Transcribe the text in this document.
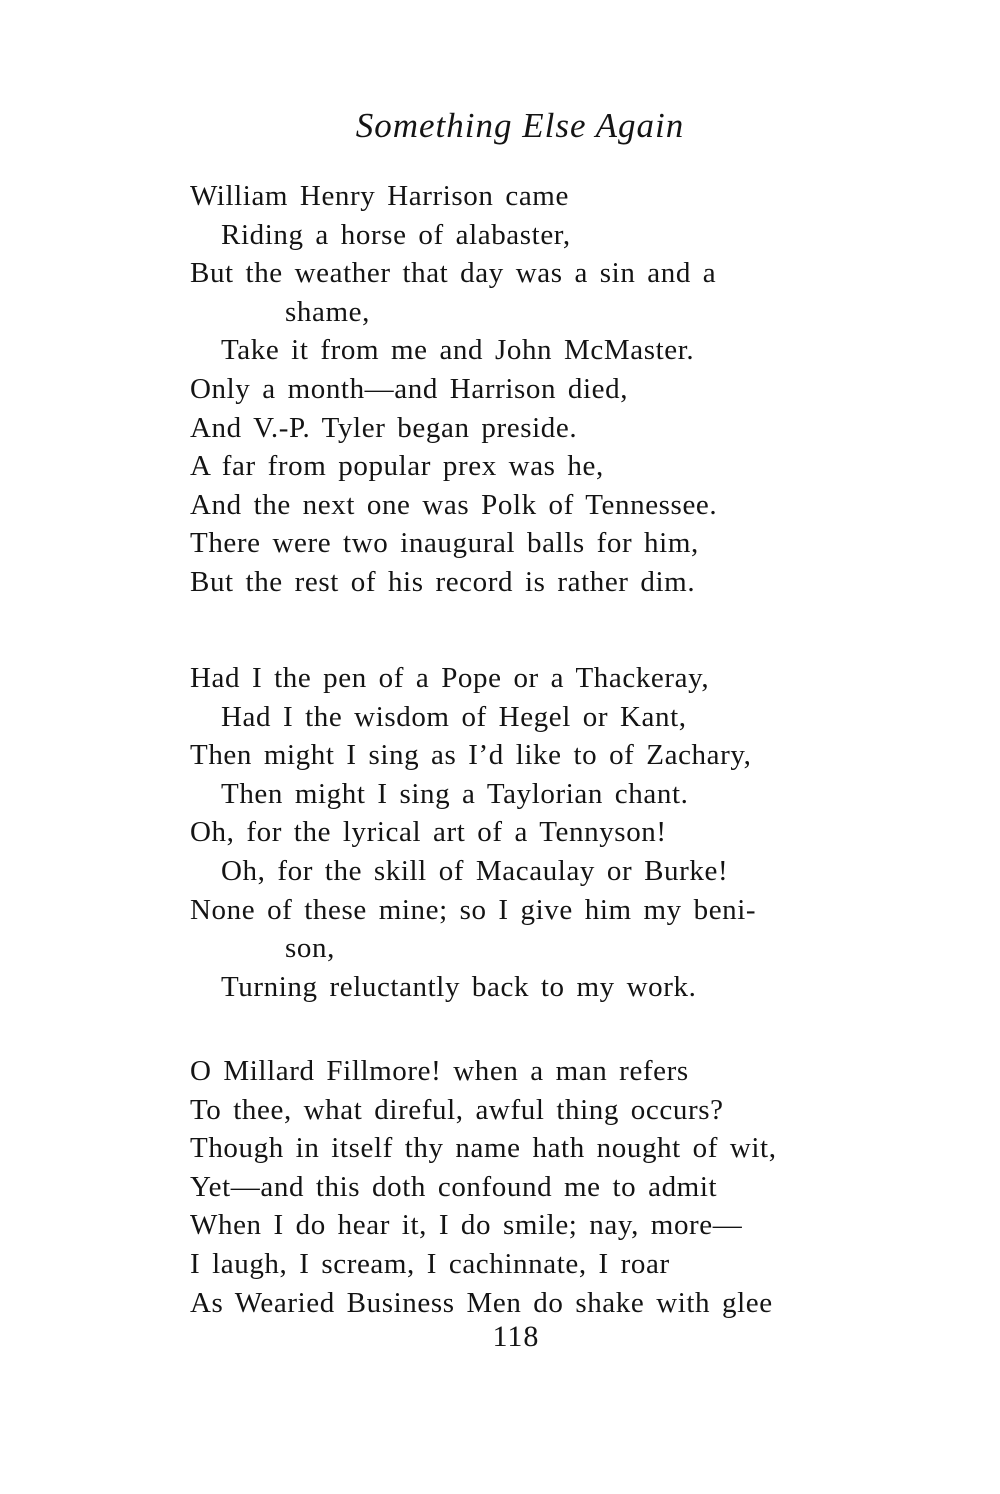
Something Else Again
William Henry Harrison came
Riding a horse of alabaster,
But the weather that day was a sin and a
shame,
Take it from me and John McMaster.
Only a month—and Harrison died,
And V.-P. Tyler began preside.
A far from popular prex was he,
And the next one was Polk of Tennessee.
There were two inaugural balls for him,
But the rest of his record is rather dim.
Had I the pen of a Pope or a Thackeray,
Had I the wisdom of Hegel or Kant,
Then might I sing as I’d like to of Zachary,
Then might I sing a Taylorian chant.
Oh, for the lyrical art of a Tennyson!
Oh, for the skill of Macaulay or Burke!
None of these mine; so I give him my beni-
son,
Turning reluctantly back to my work.
O Millard Fillmore! when a man refers
To thee, what direful, awful thing occurs?
Though in itself thy name hath nought of wit,
Yet—and this doth confound me to admit
When I do hear it, I do smile; nay, more—
I laugh, I scream, I cachinnate, I roar
As Wearied Business Men do shake with glee
118
